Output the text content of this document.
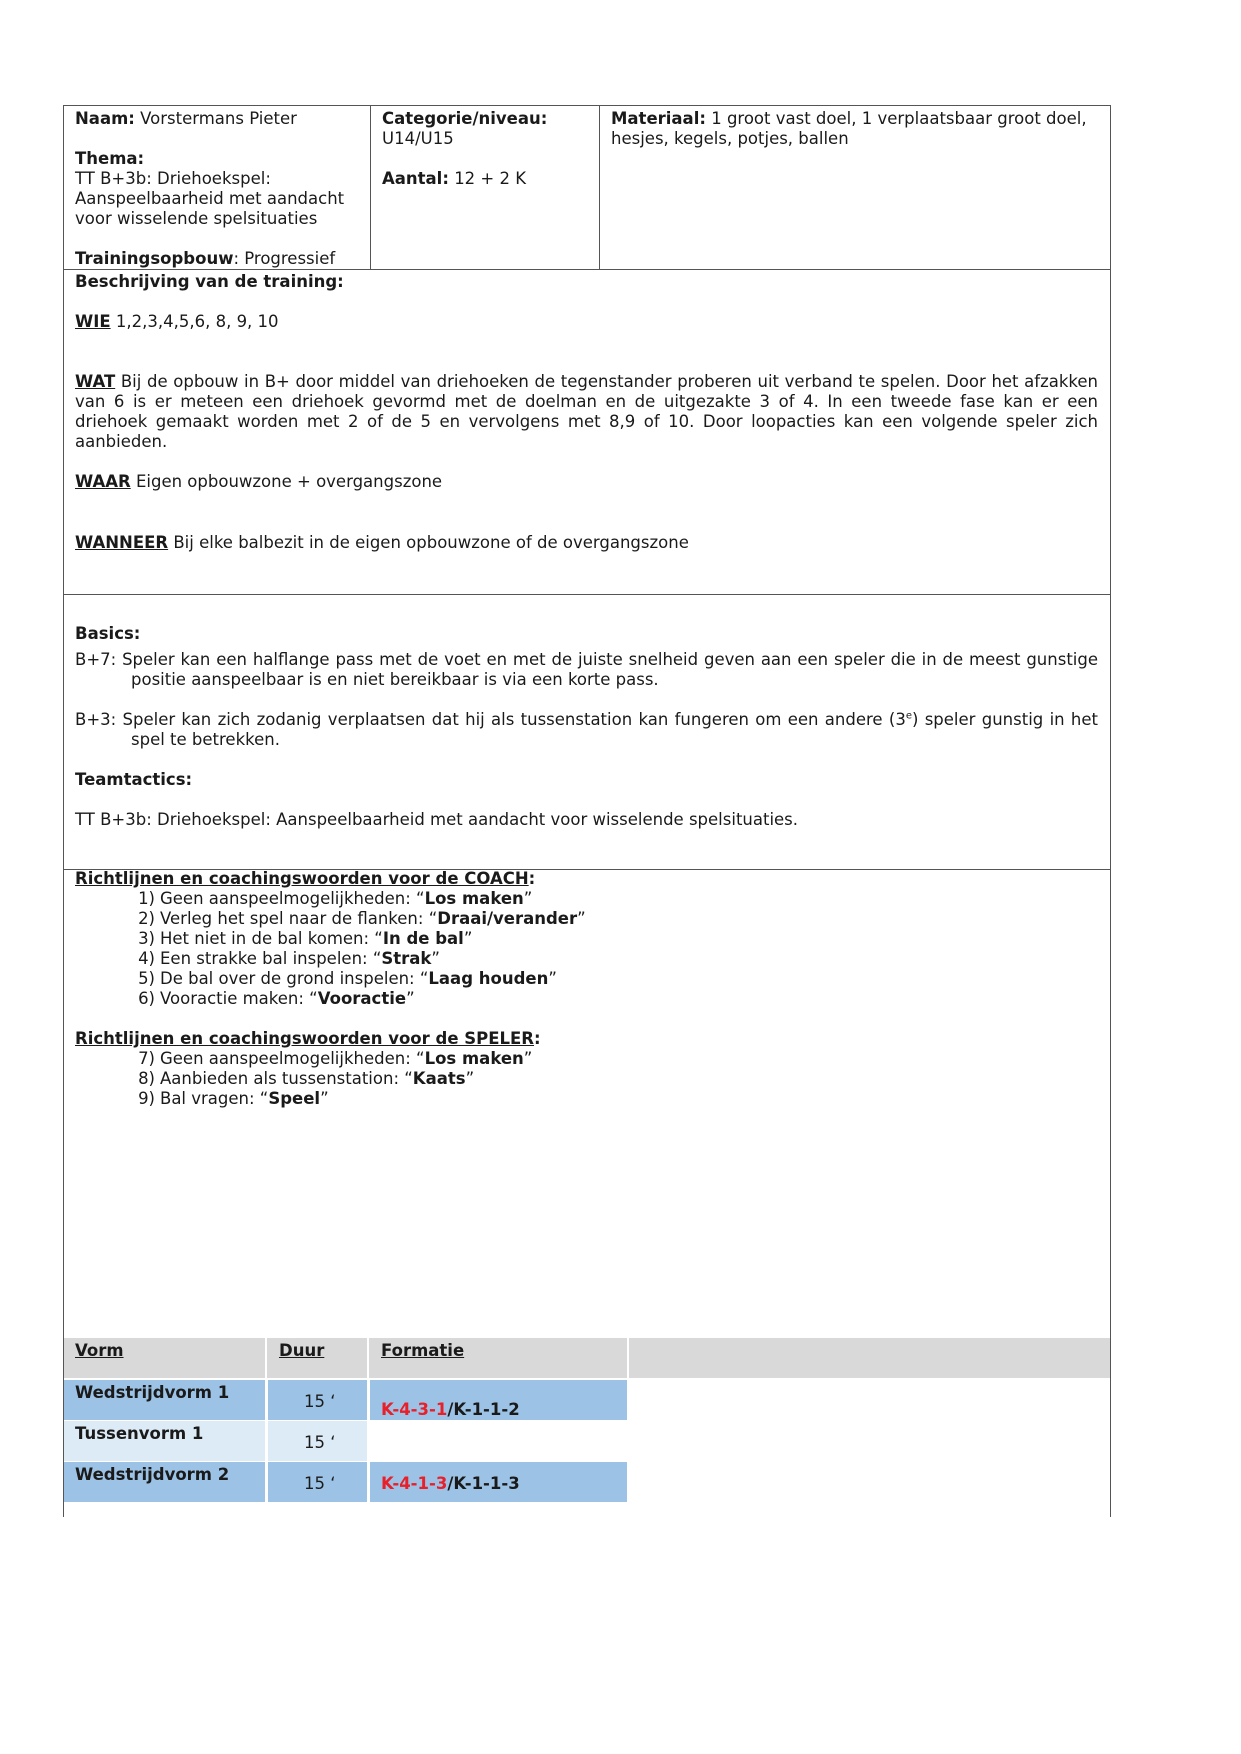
Naam: Vorstermans Pieter
Thema:
TT B+3b: Driehoekspel: Aanspeelbaarheid met aandacht voor wisselende spelsituaties
Trainingsopbouw: Progressief
Categorie/niveau:
U14/U15
Aantal: 12 + 2 K
Materiaal: 1 groot vast doel, 1 verplaatsbaar groot doel, hesjes, kegels, potjes, ballen
Beschrijving van de training:
WIE 1,2,3,4,5,6, 8, 9, 10
WAT Bij de opbouw in B+ door middel van driehoeken de tegenstander proberen uit verband te spelen. Door het afzakken van 6 is er meteen een driehoek gevormd met de doelman en de uitgezakte 3 of 4. In een tweede fase kan er een driehoek gemaakt worden met 2 of de 5 en vervolgens met 8,9 of 10. Door loopacties kan een volgende speler zich aanbieden.
WAAR Eigen opbouwzone + overgangszone
WANNEER Bij elke balbezit in de eigen opbouwzone of de overgangszone
Basics:
B+7: Speler kan een halflange pass met de voet en met de juiste snelheid geven aan een speler die in de meest gunstige positie aanspeelbaar is en niet bereikbaar is via een korte pass.
B+3: Speler kan zich zodanig verplaatsen dat hij als tussenstation kan fungeren om een andere (3e) speler gunstig in het spel te betrekken.
Teamtactics:
TT B+3b: Driehoekspel: Aanspeelbaarheid met aandacht voor wisselende spelsituaties.
Richtlijnen en coachingswoorden voor de COACH:
1) Geen aanspeelmogelijkheden: “Los maken”
2) Verleg het spel naar de flanken: “Draai/verander”
3) Het niet in de bal komen: “In de bal”
4) Een strakke bal inspelen: “Strak”
5) De bal over de grond inspelen: “Laag houden”
6) Vooractie maken: “Vooractie”
Richtlijnen en coachingswoorden voor de SPELER:
7) Geen aanspeelmogelijkheden: “Los maken”
8) Aanbieden als tussenstation: “Kaats”
9) Bal vragen: “Speel”
Vorm	Duur	Formatie
Wedstrijdvorm 1	15 ‘	K-4-3-1/K-1-1-2
Tussenvorm 1	15 ‘
Wedstrijdvorm 2	15 ‘	K-4-1-3/K-1-1-3
